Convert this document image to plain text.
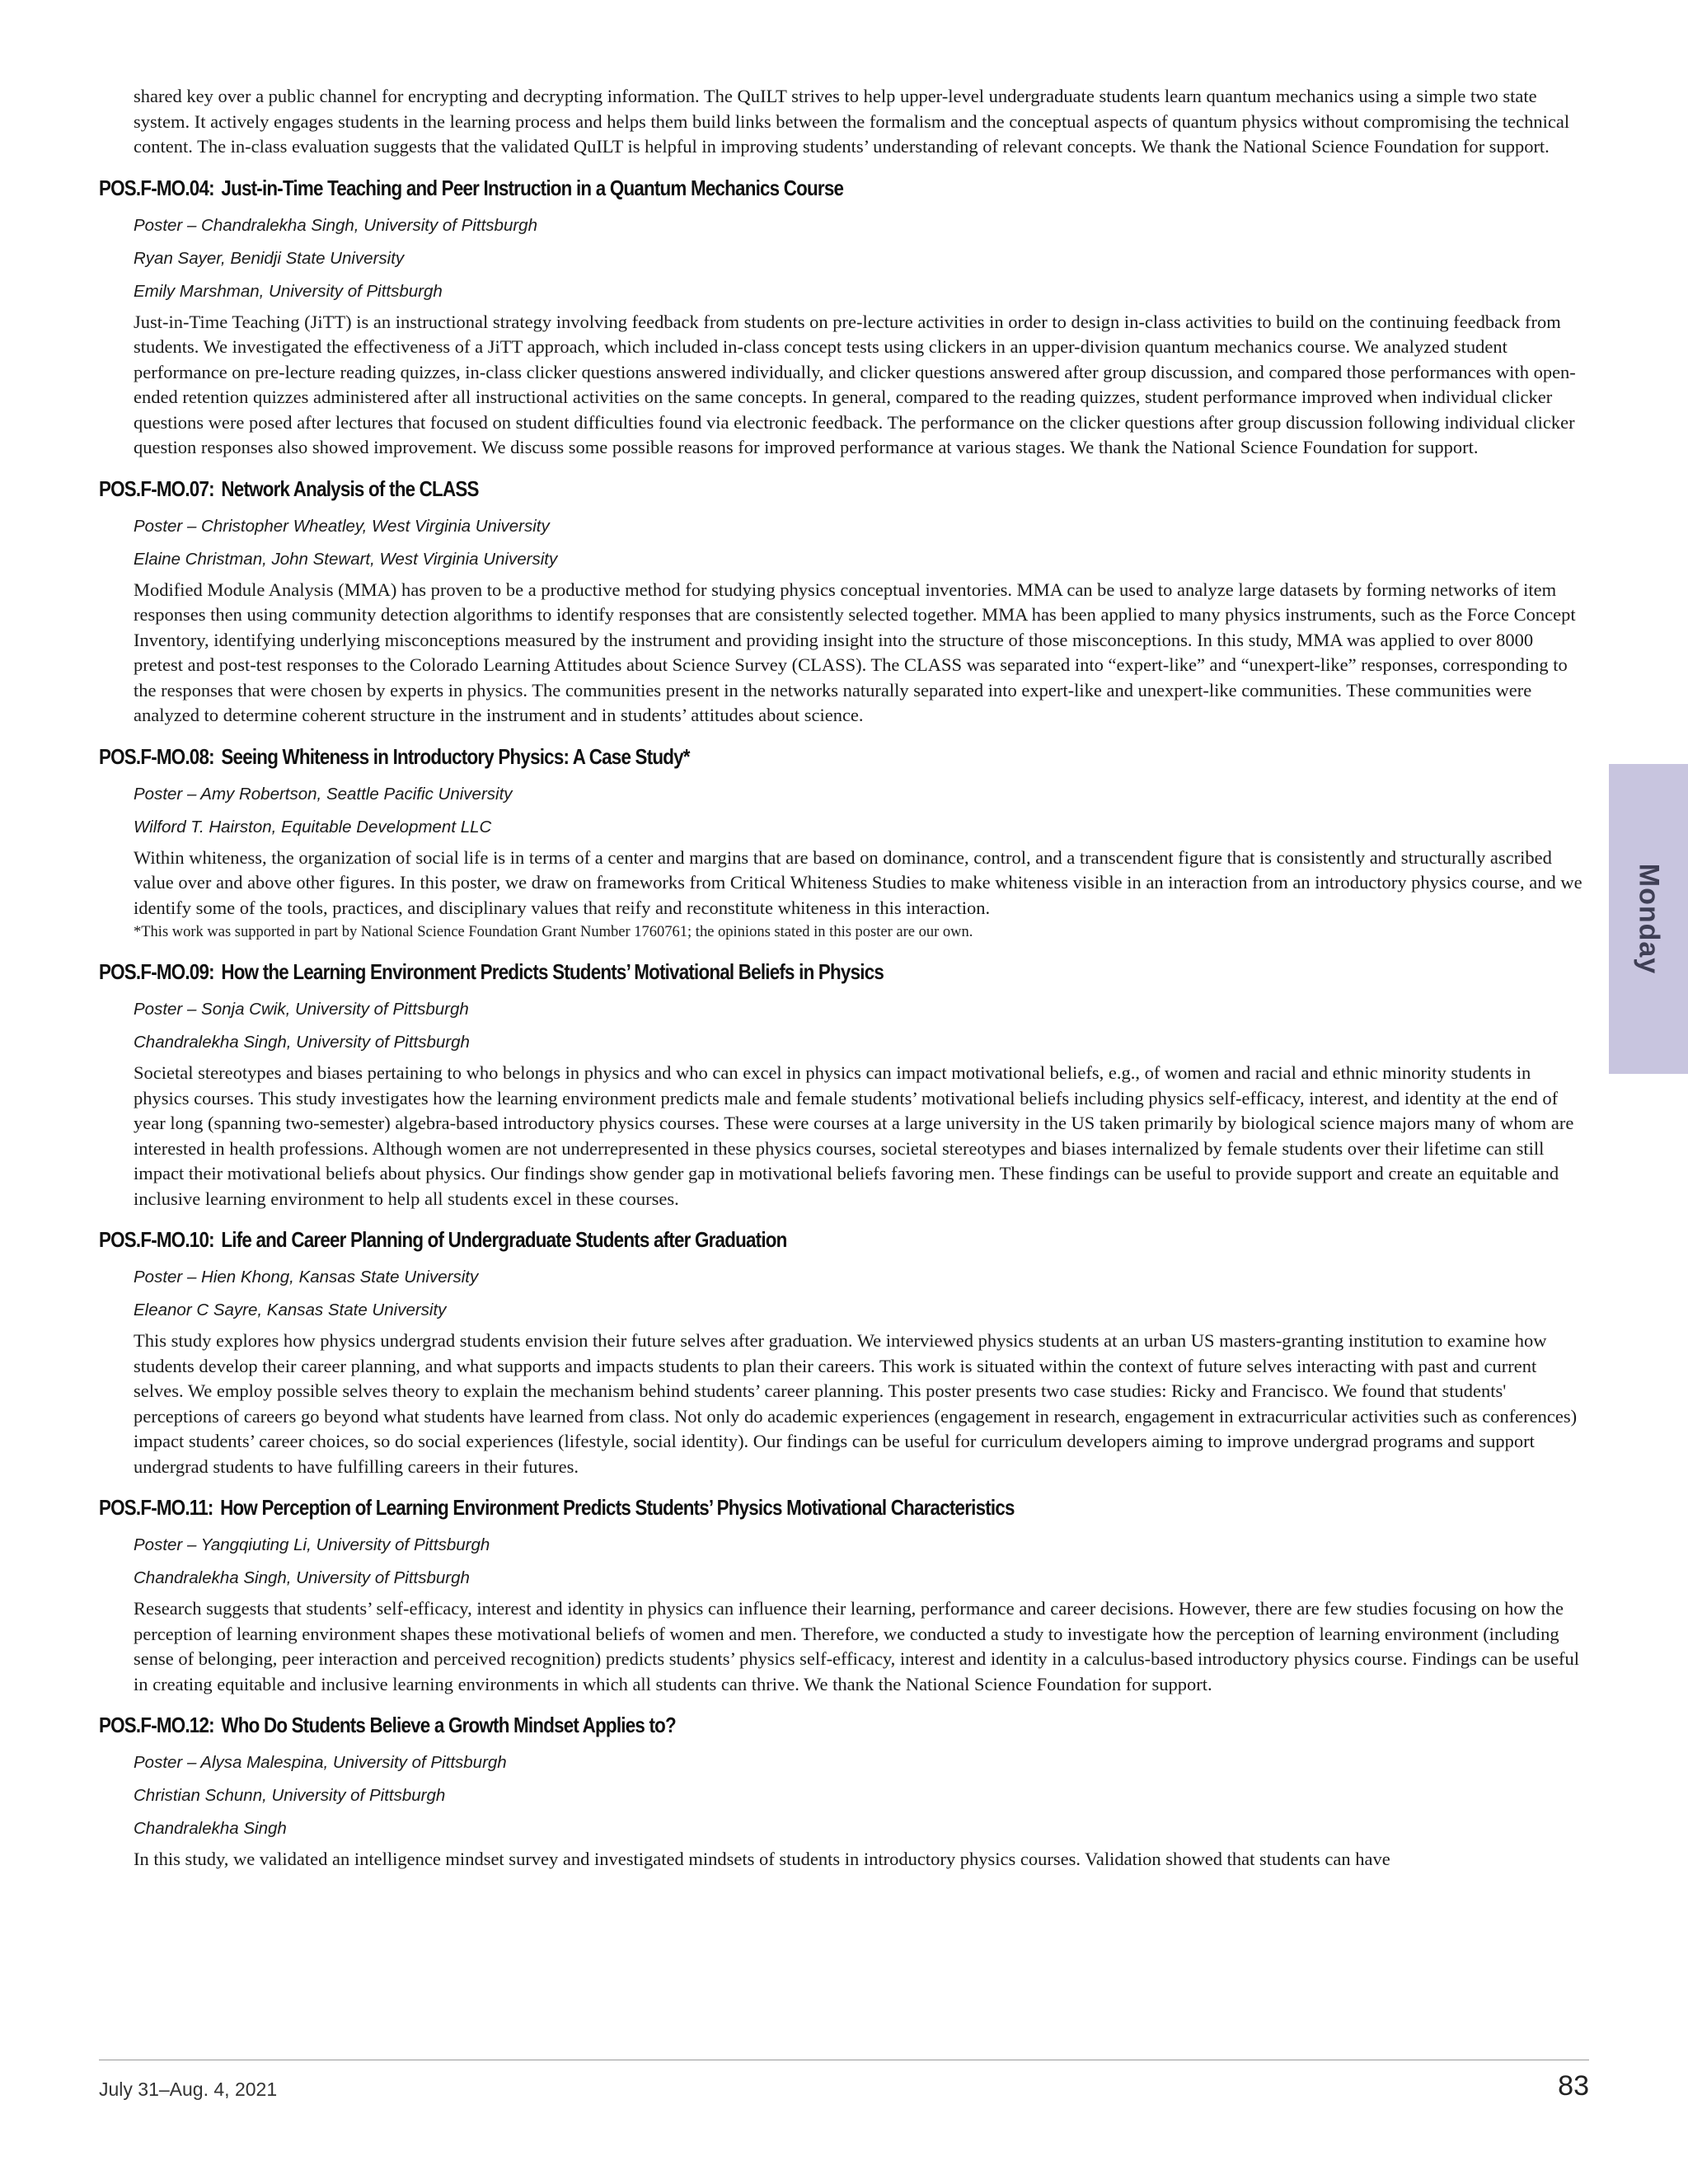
shared key over a public channel for encrypting and decrypting information. The QuILT strives to help upper-level undergraduate students learn quantum mechanics using a simple two state system. It actively engages students in the learning process and helps them build links between the formalism and the conceptual aspects of quantum physics without compromising the technical content. The in-class evaluation suggests that the validated QuILT is helpful in improving students’ understanding of relevant concepts. We thank the National Science Foundation for support.

POS.F-MO.04: Just-in-Time Teaching and Peer Instruction in a Quantum Mechanics Course
Poster – Chandralekha Singh, University of Pittsburgh
Ryan Sayer, Benidji State University
Emily Marshman, University of Pittsburgh

Just-in-Time Teaching (JiTT) is an instructional strategy involving feedback from students on pre-lecture activities in order to design in-class activities to build on the continuing feedback from students. We investigated the effectiveness of a JiTT approach, which included in-class concept tests using clickers in an upper-division quantum mechanics course. We analyzed student performance on pre-lecture reading quizzes, in-class clicker questions answered individually, and clicker questions answered after group discussion, and compared those performances with open-ended retention quizzes administered after all instructional activities on the same concepts. In general, compared to the reading quizzes, student performance improved when individual clicker questions were posed after lectures that focused on student difficulties found via electronic feedback. The performance on the clicker questions after group discussion following individual clicker question responses also showed improvement. We discuss some possible reasons for improved performance at various stages. We thank the National Science Foundation for support.

POS.F-MO.07: Network Analysis of the CLASS
Poster – Christopher Wheatley, West Virginia University
Elaine Christman, John Stewart, West Virginia University

Modified Module Analysis (MMA) has proven to be a productive method for studying physics conceptual inventories. MMA can be used to analyze large datasets by forming networks of item responses then using community detection algorithms to identify responses that are consistently selected together. MMA has been applied to many physics instruments, such as the Force Concept Inventory, identifying underlying misconceptions measured by the instrument and providing insight into the structure of those misconceptions. In this study, MMA was applied to over 8000 pretest and post-test responses to the Colorado Learning Attitudes about Science Survey (CLASS). The CLASS was separated into “expert-like” and “unexpert-like” responses, corresponding to the responses that were chosen by experts in physics. The communities present in the networks naturally separated into expert-like and unexpert-like communities. These communities were analyzed to determine coherent structure in the instrument and in students’ attitudes about science.

POS.F-MO.08: Seeing Whiteness in Introductory Physics: A Case Study*
Poster – Amy Robertson, Seattle Pacific University
Wilford T. Hairston, Equitable Development LLC

Within whiteness, the organization of social life is in terms of a center and margins that are based on dominance, control, and a transcendent figure that is consistently and structurally ascribed value over and above other figures. In this poster, we draw on frameworks from Critical Whiteness Studies to make whiteness visible in an interaction from an introductory physics course, and we identify some of the tools, practices, and disciplinary values that reify and reconstitute whiteness in this interaction.

*This work was supported in part by National Science Foundation Grant Number 1760761; the opinions stated in this poster are our own.

POS.F-MO.09: How the Learning Environment Predicts Students’ Motivational Beliefs in Physics
Poster – Sonja Cwik, University of Pittsburgh
Chandralekha Singh, University of Pittsburgh

Societal stereotypes and biases pertaining to who belongs in physics and who can excel in physics can impact motivational beliefs, e.g., of women and racial and ethnic minority students in physics courses. This study investigates how the learning environment predicts male and female students’ motivational beliefs including physics self-efficacy, interest, and identity at the end of year long (spanning two-semester) algebra-based introductory physics courses. These were courses at a large university in the US taken primarily by biological science majors many of whom are interested in health professions. Although women are not underrepresented in these physics courses, societal stereotypes and biases internalized by female students over their lifetime can still impact their motivational beliefs about physics. Our findings show gender gap in motivational beliefs favoring men. These findings can be useful to provide support and create an equitable and inclusive learning environment to help all students excel in these courses.

POS.F-MO.10: Life and Career Planning of Undergraduate Students after Graduation
Poster – Hien Khong, Kansas State University
Eleanor C Sayre, Kansas State University

This study explores how physics undergrad students envision their future selves after graduation. We interviewed physics students at an urban US masters-granting institution to examine how students develop their career planning, and what supports and impacts students to plan their careers. This work is situated within the context of future selves interacting with past and current selves. We employ possible selves theory to explain the mechanism behind students’ career planning. This poster presents two case studies: Ricky and Francisco. We found that students' perceptions of careers go beyond what students have learned from class. Not only do academic experiences (engagement in research, engagement in extracurricular activities such as conferences) impact students’ career choices, so do social experiences (lifestyle, social identity). Our findings can be useful for curriculum developers aiming to improve undergrad programs and support undergrad students to have fulfilling careers in their futures.

POS.F-MO.11: How Perception of Learning Environment Predicts Students’ Physics Motivational Characteristics
Poster – Yangqiuting Li, University of Pittsburgh
Chandralekha Singh, University of Pittsburgh

Research suggests that students’ self-efficacy, interest and identity in physics can influence their learning, performance and career decisions. However, there are few studies focusing on how the perception of learning environment shapes these motivational beliefs of women and men. Therefore, we conducted a study to investigate how the perception of learning environment (including sense of belonging, peer interaction and perceived recognition) predicts students’ physics self-efficacy, interest and identity in a calculus-based introductory physics course. Findings can be useful in creating equitable and inclusive learning environments in which all students can thrive. We thank the National Science Foundation for support.

POS.F-MO.12: Who Do Students Believe a Growth Mindset Applies to?
Poster – Alysa Malespina, University of Pittsburgh
Christian Schunn, University of Pittsburgh
Chandralekha Singh

In this study, we validated an intelligence mindset survey and investigated mindsets of students in introductory physics courses. Validation showed that students can have

Monday
July 31–Aug. 4, 2021	83
